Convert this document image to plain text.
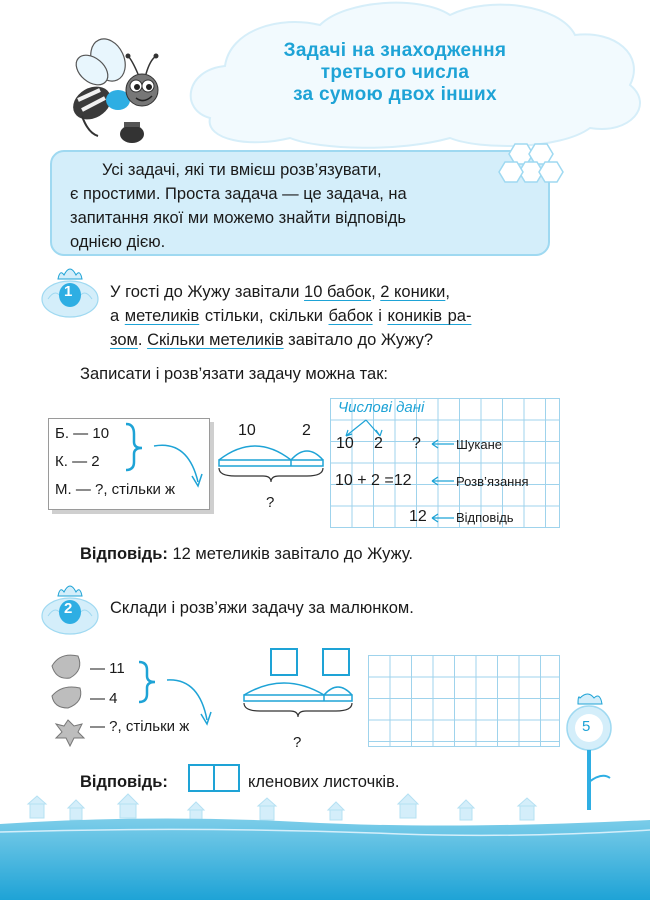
Задачі на знаходження
третього числа
за сумою двох інших
Усі задачі, які ти вмієш розв’язувати,
є простими. Проста задача — це задача, на
запитання якої ми можемо знайти відповідь
однією дією.
1 У гості до Жужу завітали 10 бабок, 2 коники,
а метеликів стільки, скільки бабок і коників ра-
зом. Скільки метеликів завітало до Жужу?
Записати і розв’язати задачу можна так:
Б. — 10
К. — 2
М. — ?, стільки ж
10	2
?
Числові дані
10 2 ?	Шукане
10 + 2 =12	Розв’язання
12 Відповідь
Відповідь: 12 метеликів завітало до Жужу.
2 Склади і розв’яжи задачу за малюнком.
— 11
— 4
— ?, стільки ж
?
Відповідь:	кленових листочків.
5
